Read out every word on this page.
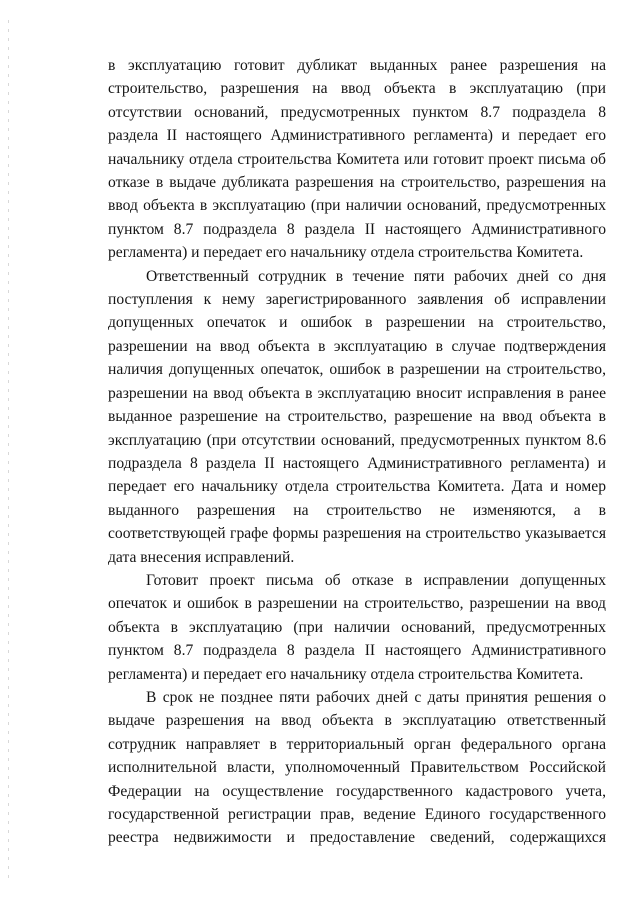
в эксплуатацию готовит дубликат выданных ранее разрешения на строительство, разрешения на ввод объекта в эксплуатацию (при отсутствии оснований, предусмотренных пунктом 8.7 подраздела 8 раздела II настоящего Административного регламента) и передает его начальнику отдела строительства Комитета или готовит проект письма об отказе в выдаче дубликата разрешения на строительство, разрешения на ввод объекта в эксплуатацию (при наличии оснований, предусмотренных пунктом 8.7 подраздела 8 раздела II настоящего Административного регламента) и передает его начальнику отдела строительства Комитета.

Ответственный сотрудник в течение пяти рабочих дней со дня поступления к нему зарегистрированного заявления об исправлении допущенных опечаток и ошибок в разрешении на строительство, разрешении на ввод объекта в эксплуатацию в случае подтверждения наличия допущенных опечаток, ошибок в разрешении на строительство, разрешении на ввод объекта в эксплуатацию вносит исправления в ранее выданное разрешение на строительство, разрешение на ввод объекта в эксплуатацию (при отсутствии оснований, предусмотренных пунктом 8.6 подраздела 8 раздела II настоящего Административного регламента) и передает его начальнику отдела строительства Комитета. Дата и номер выданного разрешения на строительство не изменяются, а в соответствующей графе формы разрешения на строительство указывается дата внесения исправлений.

Готовит проект письма об отказе в исправлении допущенных опечаток и ошибок в разрешении на строительство, разрешении на ввод объекта в эксплуатацию (при наличии оснований, предусмотренных пунктом 8.7 подраздела 8 раздела II настоящего Административного регламента) и передает его начальнику отдела строительства Комитета.

В срок не позднее пяти рабочих дней с даты принятия решения о выдаче разрешения на ввод объекта в эксплуатацию ответственный сотрудник направляет в территориальный орган федерального органа исполнительной власти, уполномоченный Правительством Российской Федерации на осуществление государственного кадастрового учета, государственной регистрации прав, ведение Единого государственного реестра недвижимости и предоставление сведений, содержащихся
